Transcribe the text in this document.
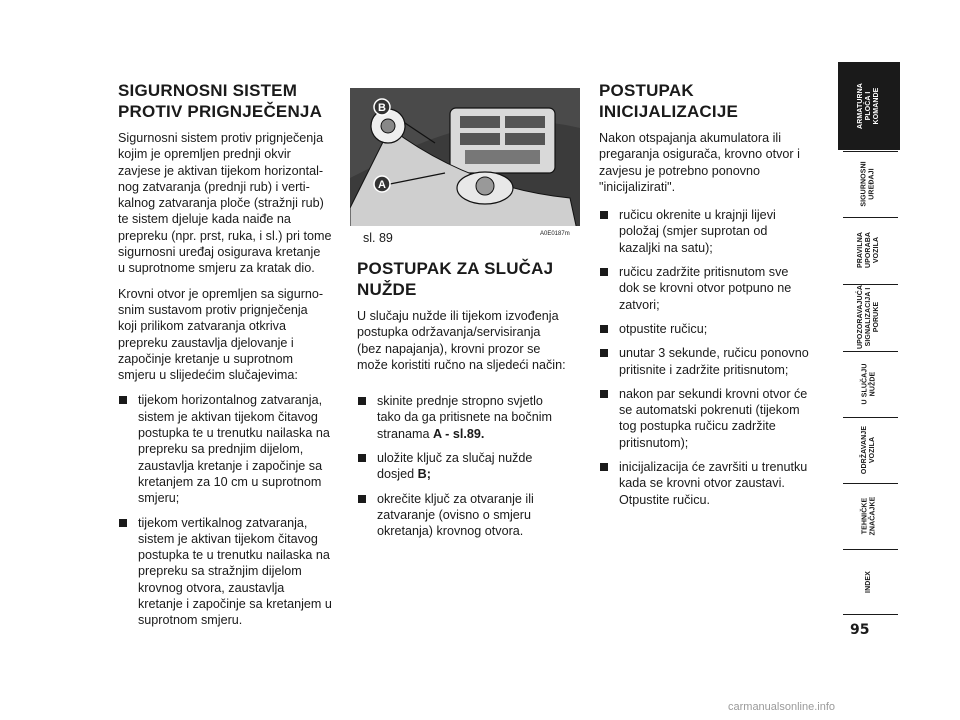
SIGURNOSNI SISTEM
PROTIV PRIGNJEČENJA

Sigurnosni sistem protiv prignječenja
kojim je opremljen prednji okvir
zavjese je aktivan tijekom horizontal-
nog zatvaranja (prednji rub) i verti-
kalnog zatvaranja ploče (stražnji rub)
te sistem djeluje kada naiđe na
prepreku (npr. prst, ruka, i sl.) pri tome
sigurnosni uređaj osigurava kretanje
u suprotnome smjeru za kratak dio.

Krovni otvor je opremljen sa sigurno-
snim sustavom protiv prignječenja
koji prilikom zatvaranja otkriva
prepreku zaustavlja djelovanje i
započinje kretanje u suprotnom
smjeru u slijedećim slučajevima:

tijekom horizontalnog zatvaranja,
sistem je aktivan tijekom čitavog
postupka te u trenutku nailaska na
prepreku sa prednjim dijelom,
zaustavlja kretanje i započinje sa
kretanjem za 10 cm u suprotnom
smjeru;
tijekom vertikalnog zatvaranja,
sistem je aktivan tijekom čitavog
postupka te u trenutku nailaska na
prepreku sa stražnjim dijelom
krovnog otvora, zaustavlja
kretanje i započinje sa kretanjem u
suprotnom smjeru.
B
A
sl. 89	A0E0187m
POSTUPAK ZA SLUČAJ
NUŽDE

U slučaju nužde ili tijekom izvođenja
postupka održavanja/servisiranja
(bez napajanja), krovni prozor se
može koristiti ručno na sljedeći način:

skinite prednje stropno svjetlo
tako da ga pritisnete na bočnim
stranama A - sl.89.
uložite ključ za slučaj nužde
dosjed B;
okrečite ključ za otvaranje ili
zatvaranje (ovisno o smjeru
okretanja) krovnog otvora.
POSTUPAK
INICIJALIZACIJE

Nakon otspajanja akumulatora ili
pregaranja osigurača, krovno otvor i
zavjesu je potrebno ponovno
"inicijalizirati".

ručicu okrenite u krajnji lijevi
položaj (smjer suprotan od
kazaljki na satu);
ručicu zadržite pritisnutom sve
dok se krovni otvor potpuno ne
zatvori;
otpustite ručicu;
unutar 3 sekunde, ručicu ponovno
pritisnite i zadržite pritisnutom;
nakon par sekundi krovni otvor će
se automatski pokrenuti (tijekom
tog postupka ručicu zadržite
pritisnutom);
inicijalizacija će završiti u trenutku
kada se krovni otvor zaustavi.
Otpustite ručicu.
ARMATURNA PLOČA I KOMANDE
SIGURNOSNI UREĐAJI
PRAVILNA UPORABA VOZILA
UPOZORAVAJUĆA SIGNALIZACIJA I PORUKE
U SLUČAJU NUŽDE
ODRŽAVANJE VOZILA
TEHNIČKE ZNAČAJKE
INDEX
95
carmanualsonline.info
